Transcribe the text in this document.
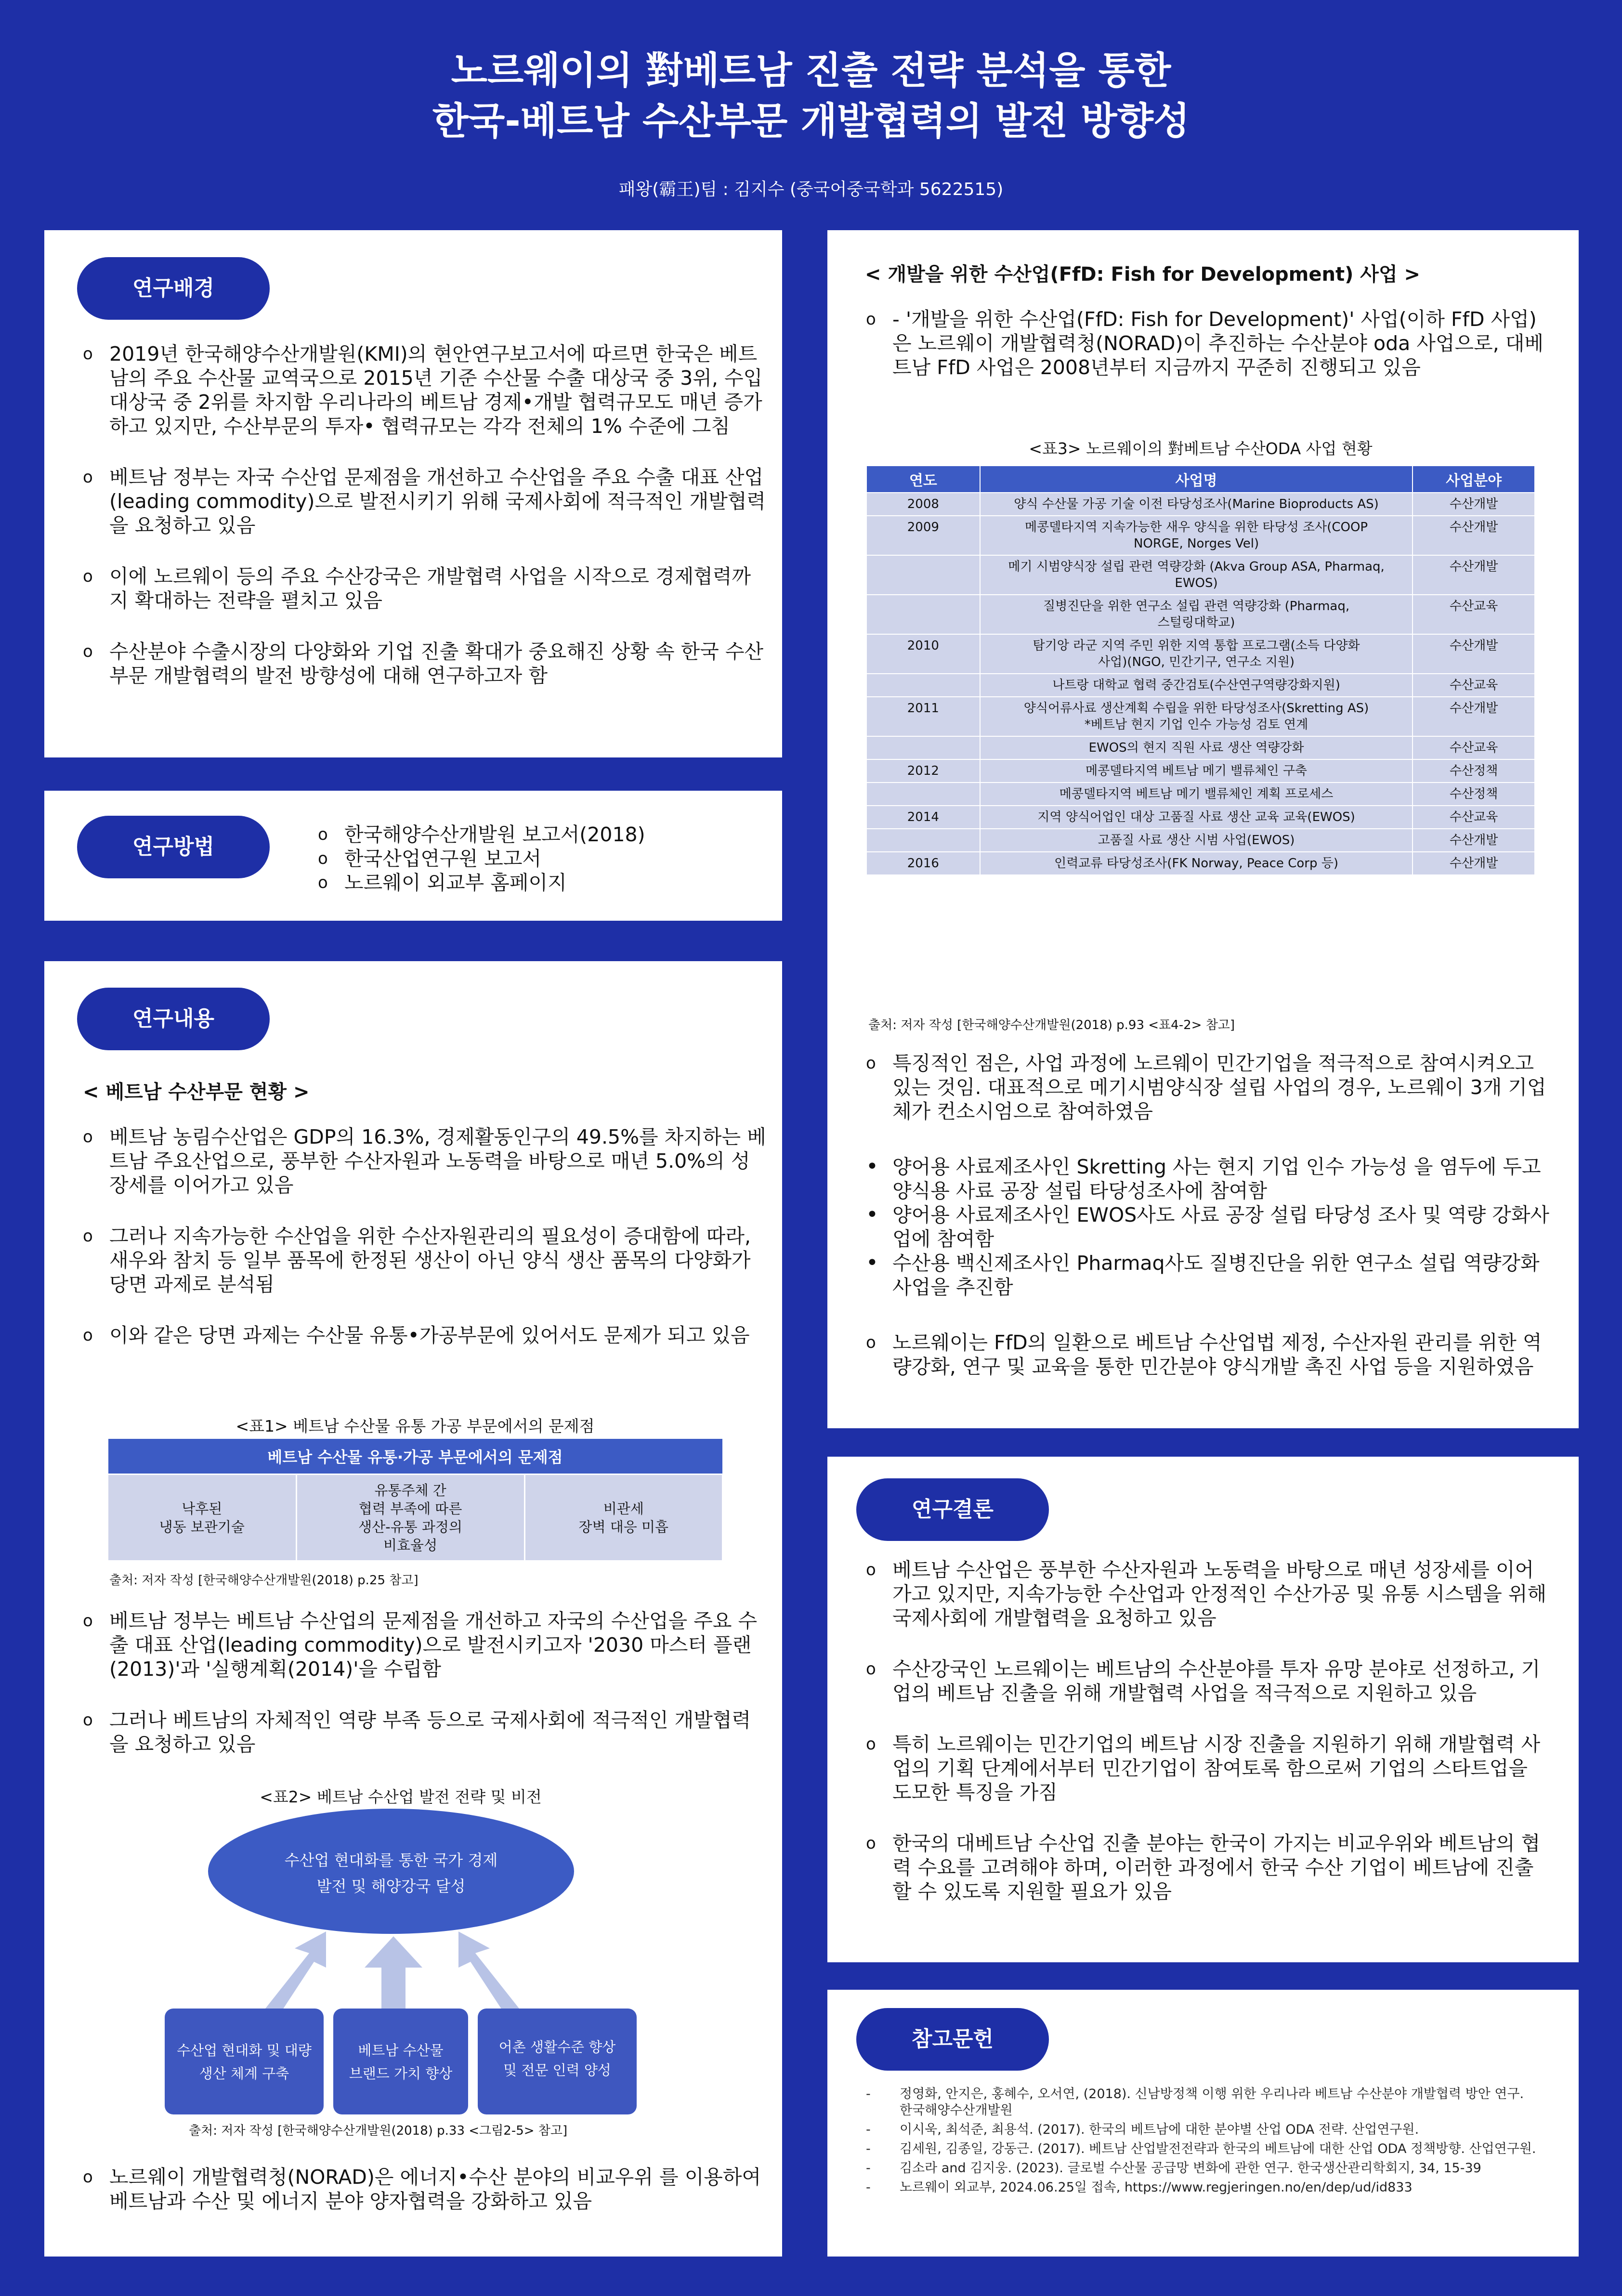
노르웨이의 對베트남 진출 전략 분석을 통한
한국-베트남 수산부문 개발협력의 발전 방향성
패왕(霸王)팀 : 김지수 (중국어중국학과 5622515)
연구배경
o 2019년 한국해양수산개발원(KMI)의 현안연구보고서에 따르면 한국은 베트남의 주요 수산물 교역국으로 2015년 기준 수산물 수출 대상국 중 3위, 수입 대상국 중 2위를 차지함 우리나라의 베트남 경제•개발 협력규모도 매년 증가하고 있지만, 수산부문의 투자• 협력규모는 각각 전체의 1% 수준에 그침
o 베트남 정부는 자국 수산업 문제점을 개선하고 수산업을 주요 수출 대표 산업(leading commodity)으로 발전시키기 위해 국제사회에 적극적인 개발협력을 요청하고 있음
o 이에 노르웨이 등의 주요 수산강국은 개발협력 사업을 시작으로 경제협력까지 확대하는 전략을 펼치고 있음
o 수산분야 수출시장의 다양화와 기업 진출 확대가 중요해진 상황 속 한국 수산부문 개발협력의 발전 방향성에 대해 연구하고자 함
연구방법	o 한국해양수산개발원 보고서(2018)
o 한국산업연구원 보고서
o 노르웨이 외교부 홈페이지
연구내용
< 베트남 수산부문 현황 >
o 베트남 농림수산업은 GDP의 16.3%, 경제활동인구의 49.5%를 차지하는 베트남 주요산업으로, 풍부한 수산자원과 노동력을 바탕으로 매년 5.0%의 성장세를 이어가고 있음
o 그러나 지속가능한 수산업을 위한 수산자원관리의 필요성이 증대함에 따라, 새우와 참치 등 일부 품목에 한정된 생산이 아닌 양식 생산 품목의 다양화가 당면 과제로 분석됨
o 이와 같은 당면 과제는 수산물 유통•가공부문에 있어서도 문제가 되고 있음
<표1> 베트남 수산물 유통 가공 부문에서의 문제점
베트남 수산물 유통·가공 부문에서의 문제점

낙후된
냉동 보관기술

유통주체 간
협력 부족에 따른
생산-유통 과정의
비효율성

비관세
장벽 대응 미흡
출처: 저자 작성 [한국해양수산개발원(2018) p.25 참고]
o 베트남 정부는 베트남 수산업의 문제점을 개선하고 자국의 수산업을 주요 수출 대표 산업(leading commodity)으로 발전시키고자 '2030 마스터 플랜(2013)'과 '실행계획(2014)'을 수립함
o 그러나 베트남의 자체적인 역량 부족 등으로 국제사회에 적극적인 개발협력을 요청하고 있음
<표2> 베트남 수산업 발전 전략 및 비전
수산업 현대화를 통한 국가 경제
발전 및 해양강국 달성
수산업 현대화 및 대량
생산 체계 구축
베트남 수산물
브랜드 가치 향상
어촌 생활수준 향상
및 전문 인력 양성
출처: 저자 작성 [한국해양수산개발원(2018) p.33 <그림2-5> 참고]
o 노르웨이 개발협력청(NORAD)은 에너지•수산 분야의 비교우위 를 이용하여 베트남과 수산 및 에너지 분야 양자협력을 강화하고 있음
< 개발을 위한 수산업(FfD: Fish for Development) 사업 >
o - '개발을 위한 수산업(FfD: Fish for Development)' 사업(이하 FfD 사업)은 노르웨이 개발협력청(NORAD)이 추진하는 수산분야 oda 사업으로, 대베트남 FfD 사업은 2008년부터 지금까지 꾸준히 진행되고 있음
<표3> 노르웨이의 對베트남 수산ODA 사업 현황
연도	사업명	사업분야
2008	양식 수산물 가공 기술 이전 타당성조사(Marine Bioproducts AS)	수산개발
2009	메콩델타지역 지속가능한 새우 양식을 위한 타당성 조사(COOP
NORGE, Norges Vel)	수산개발

	메기 시범양식장 설립 관련 역량강화 (Akva Group ASA, Pharmaq,
EWOS)	수산개발

	질병진단을 위한 연구소 설립 관련 역량강화 (Pharmaq,
스털링대학교)	수산교육
2010	탐기앙 라군 지역 주민 위한 지역 통합 프로그램(소득 다양화
사업)(NGO, 민간기구, 연구소 지원)	수산개발

	나트랑 대학교 협력 중간검토(수산연구역량강화지원)	수산교육
2011	양식어류사료 생산계획 수립을 위한 타당성조사(Skretting AS)
*베트남 현지 기업 인수 가능성 검토 연계	수산개발

	EWOS의 현지 직원 사료 생산 역량강화	수산교육
2012	메콩델타지역 베트남 메기 밸류체인 구축	수산정책

	메콩델타지역 베트남 메기 밸류체인 계획 프로세스	수산정책
2014	지역 양식어업인 대상 고품질 사료 생산 교육 교육(EWOS)	수산교육

	고품질 사료 생산 시범 사업(EWOS)	수산개발
2016	인력교류 타당성조사(FK Norway, Peace Corp 등)	수산개발
출처: 저자 작성 [한국해양수산개발원(2018) p.93 <표4-2> 참고]
o 특징적인 점은, 사업 과정에 노르웨이 민간기업을 적극적으로 참여시켜오고 있는 것임. 대표적으로 메기시범양식장 설립 사업의 경우, 노르웨이 3개 기업체가 컨소시엄으로 참여하였음
• 양어용 사료제조사인 Skretting 사는 현지 기업 인수 가능성 을 염두에 두고 양식용 사료 공장 설립 타당성조사에 참여함
• 양어용 사료제조사인 EWOS사도 사료 공장 설립 타당성 조사 및 역량 강화사업에 참여함
• 수산용 백신제조사인 Pharmaq사도 질병진단을 위한 연구소 설립 역량강화 사업을 추진함
o 노르웨이는 FfD의 일환으로 베트남 수산업법 제정, 수산자원 관리를 위한 역량강화, 연구 및 교육을 통한 민간분야 양식개발 촉진 사업 등을 지원하였음
연구결론
o 베트남 수산업은 풍부한 수산자원과 노동력을 바탕으로 매년 성장세를 이어가고 있지만, 지속가능한 수산업과 안정적인 수산가공 및 유통 시스템을 위해 국제사회에 개발협력을 요청하고 있음
o 수산강국인 노르웨이는 베트남의 수산분야를 투자 유망 분야로 선정하고, 기업의 베트남 진출을 위해 개발협력 사업을 적극적으로 지원하고 있음
o 특히 노르웨이는 민간기업의 베트남 시장 진출을 지원하기 위해 개발협력 사업의 기획 단계에서부터 민간기업이 참여토록 함으로써 기업의 스타트업을 도모한 특징을 가짐
o 한국의 대베트남 수산업 진출 분야는 한국이 가지는 비교우위와 베트남의 협력 수요를 고려해야 하며, 이러한 과정에서 한국 수산 기업이 베트남에 진출할 수 있도록 지원할 필요가 있음
참고문헌
- 정영화, 안지은, 홍혜수, 오서연, (2018). 신남방정책 이행 위한 우리나라 베트남 수산분야 개발협력 방안 연구. 한국해양수산개발원
- 이시욱, 최석준, 최용석. (2017). 한국의 베트남에 대한 분야별 산업 ODA 전략. 산업연구원.
- 김세원, 김종일, 강동근. (2017). 베트남 산업발전전략과 한국의 베트남에 대한 산업 ODA 정책방향. 산업연구원.
- 김소라 and 김지웅. (2023). 글로벌 수산물 공급망 변화에 관한 연구. 한국생산관리학회지, 34, 15-39
- 노르웨이 외교부, 2024.06.25일 접속, https://www.regjeringen.no/en/dep/ud/id833
